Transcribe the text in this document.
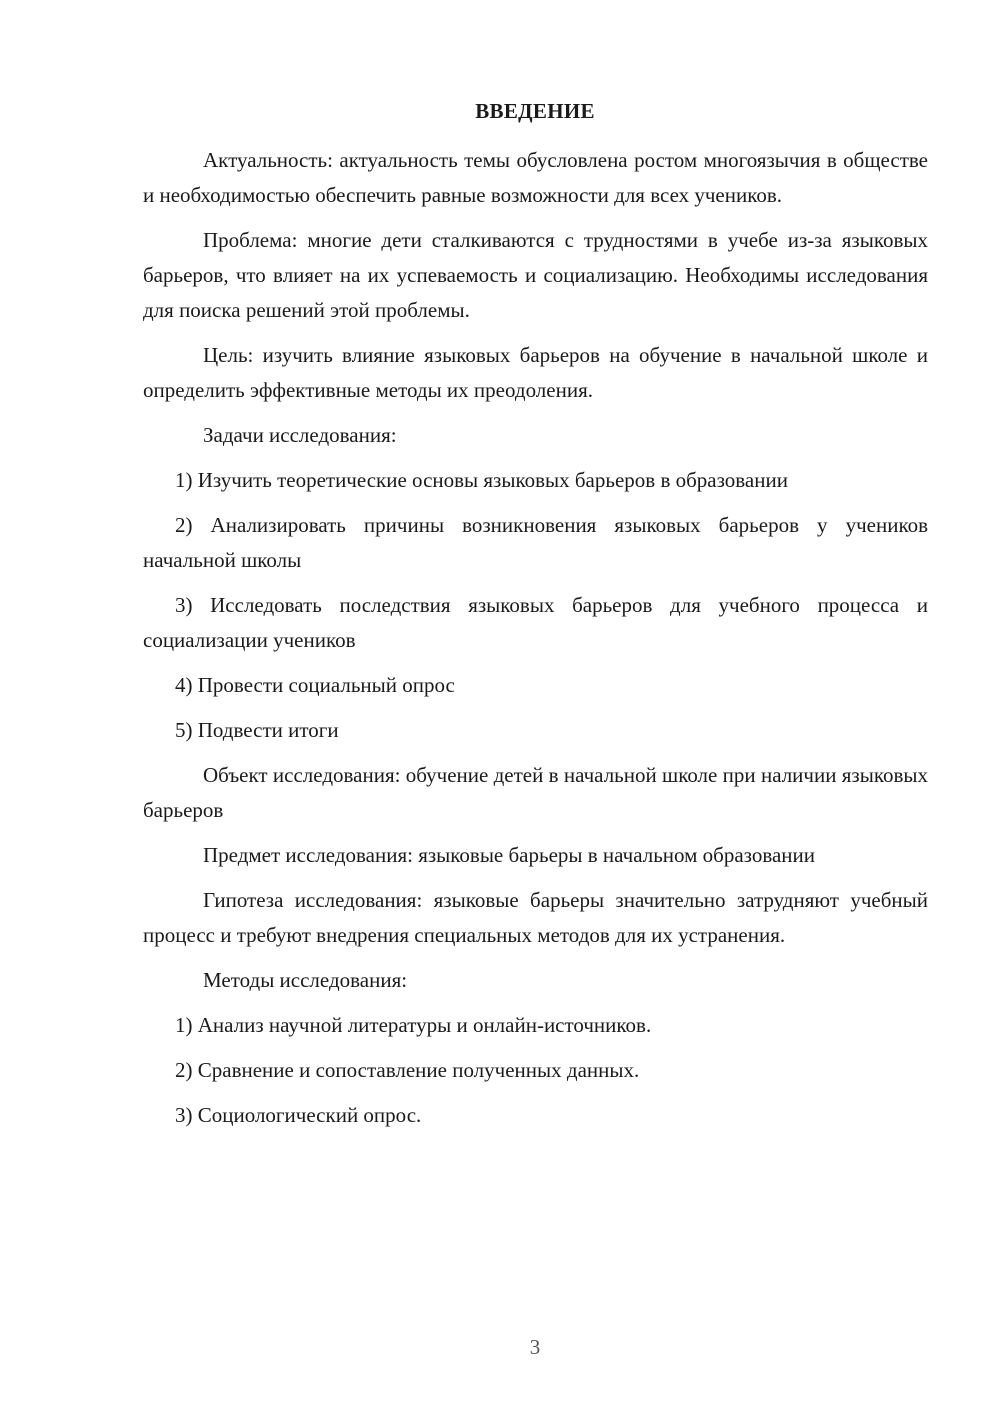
ВВЕДЕНИЕ

Актуальность: актуальность темы обусловлена ростом многоязычия в обществе и необходимостью обеспечить равные возможности для всех учеников.

Проблема: многие дети сталкиваются с трудностями в учебе из-за языковых барьеров, что влияет на их успеваемость и социализацию. Необходимы исследования для поиска решений этой проблемы.

Цель: изучить влияние языковых барьеров на обучение в начальной школе и определить эффективные методы их преодоления.

Задачи исследования:

1) Изучить теоретические основы языковых барьеров в образовании

2) Анализировать причины возникновения языковых барьеров у учеников начальной школы

3) Исследовать последствия языковых барьеров для учебного процесса и социализации учеников

4) Провести социальный опрос

5) Подвести итоги

Объект исследования: обучение детей в начальной школе при наличии языковых барьеров

Предмет исследования: языковые барьеры в начальном образовании

Гипотеза исследования: языковые барьеры значительно затрудняют учебный процесс и требуют внедрения специальных методов для их устранения.

Методы исследования:

1) Анализ научной литературы и онлайн-источников.

2) Сравнение и сопоставление полученных данных.

3) Социологический опрос.

3
